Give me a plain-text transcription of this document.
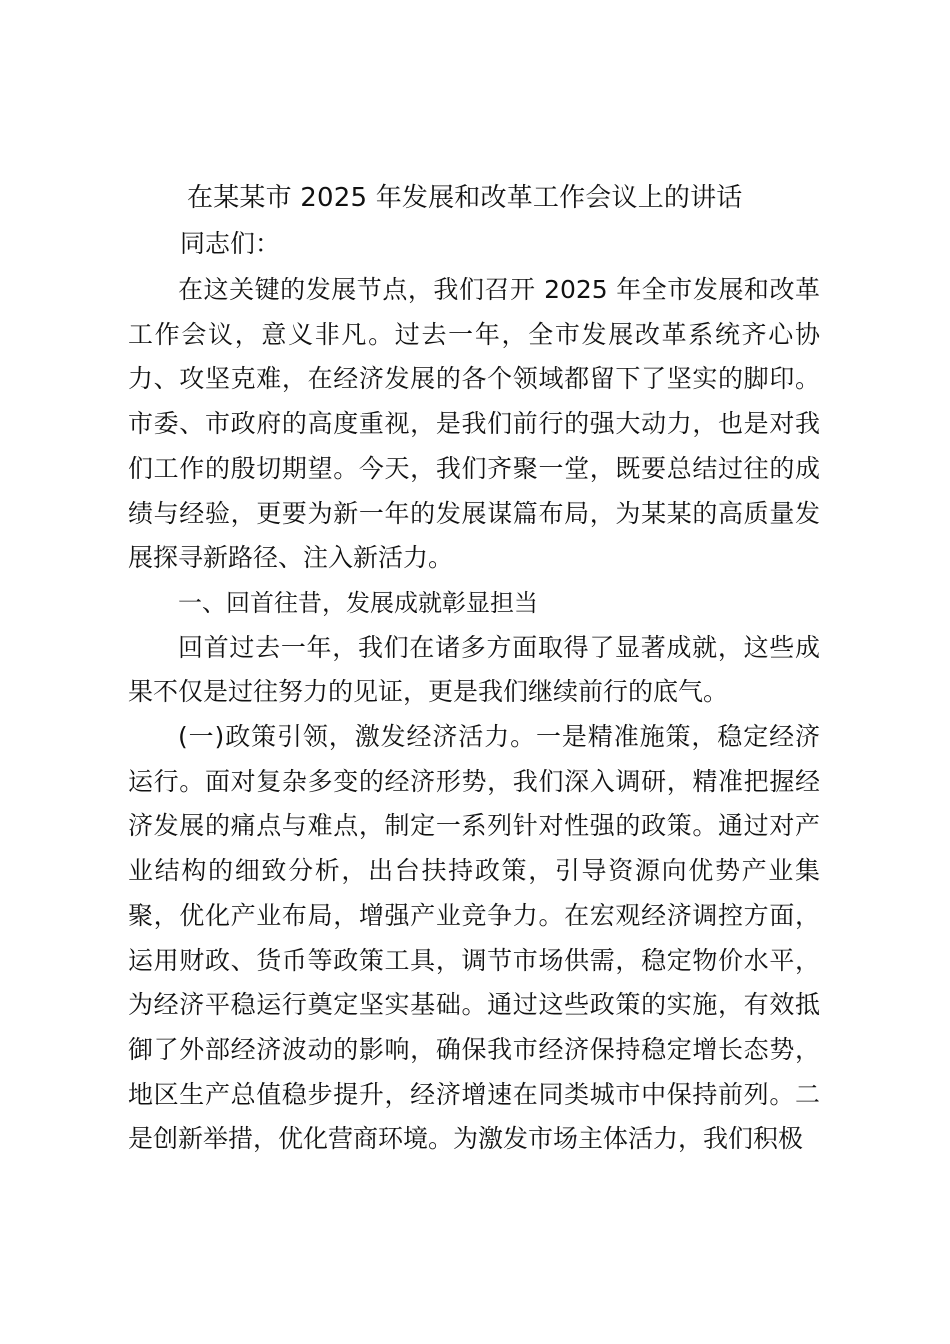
在某某市 2025 年发展和改革工作会议上的讲话
同志们：

在这关键的发展节点，我们召开 2025 年全市发展和改革工作会议，意义非凡。过去一年，全市发展改革系统齐心协力、攻坚克难，在经济发展的各个领域都留下了坚实的脚印。市委、市政府的高度重视，是我们前行的强大动力，也是对我们工作的殷切期望。今天，我们齐聚一堂，既要总结过往的成绩与经验，更要为新一年的发展谋篇布局，为某某的高质量发展探寻新路径、注入新活力。

一、回首往昔，发展成就彰显担当

回首过去一年，我们在诸多方面取得了显著成就，这些成果不仅是过往努力的见证，更是我们继续前行的底气。

(一)政策引领，激发经济活力。一是精准施策，稳定经济运行。面对复杂多变的经济形势，我们深入调研，精准把握经济发展的痛点与难点，制定一系列针对性强的政策。通过对产业结构的细致分析，出台扶持政策，引导资源向优势产业集聚，优化产业布局，增强产业竞争力。在宏观经济调控方面，运用财政、货币等政策工具，调节市场供需，稳定物价水平，为经济平稳运行奠定坚实基础。通过这些政策的实施，有效抵御了外部经济波动的影响，确保我市经济保持稳定增长态势，地区生产总值稳步提升，经济增速在同类城市中保持前列。二是创新举措，优化营商环境。为激发市场主体活力，我们积极
